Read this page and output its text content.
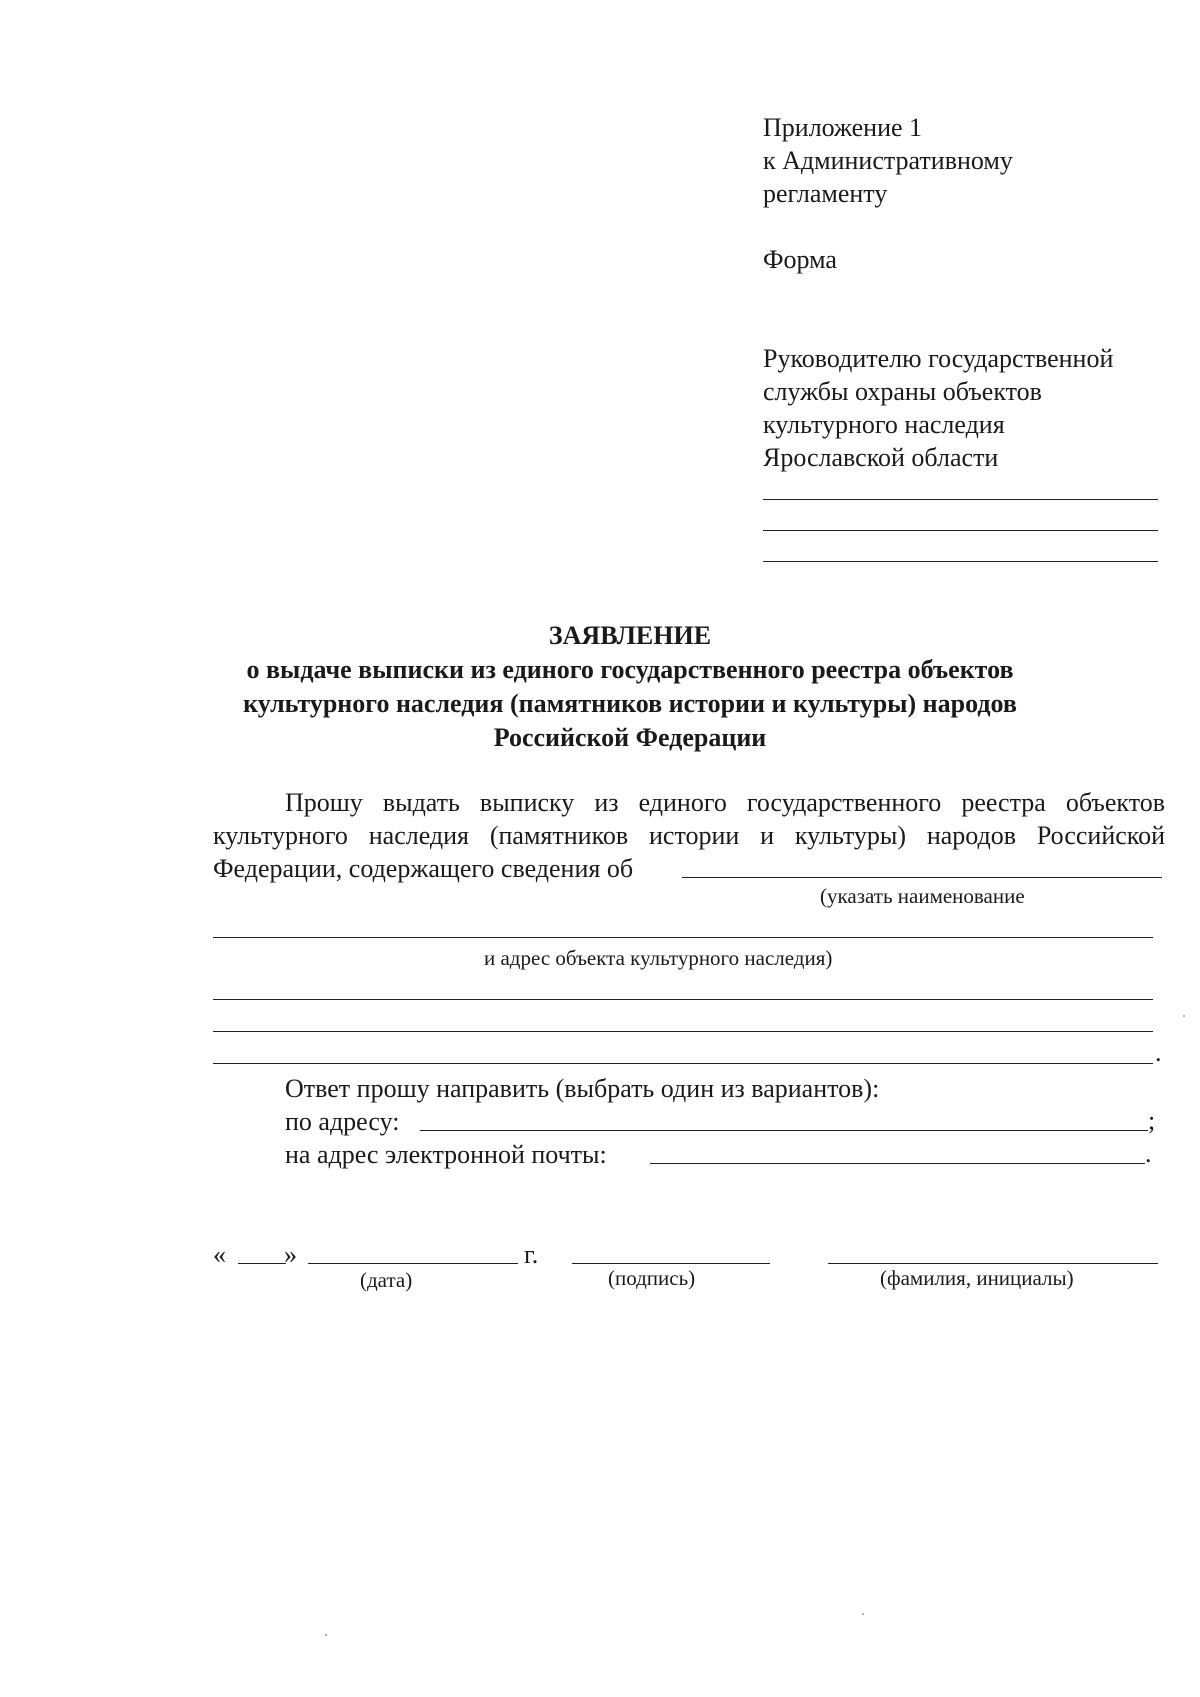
Приложение 1
к Административному
регламенту
Форма
Руководителю государственной
службы охраны объектов
культурного наследия
Ярославской области
ЗАЯВЛЕНИЕ
о выдаче выписки из единого государственного реестра объектов
культурного наследия (памятников истории и культуры) народов
Российской Федерации
Прошу выдать выписку из единого государственного реестра объектов
культурного наследия (памятников истории и культуры) народов Российской
Федерации, содержащего сведения об
(указать наименование
и адрес объекта культурного наследия)
.
Ответ прошу направить (выбрать один из вариантов):
по адресу:	;
на адрес электронной почты:	.
« »	г.
(дата)	(подпись)	(фамилия, инициалы)
